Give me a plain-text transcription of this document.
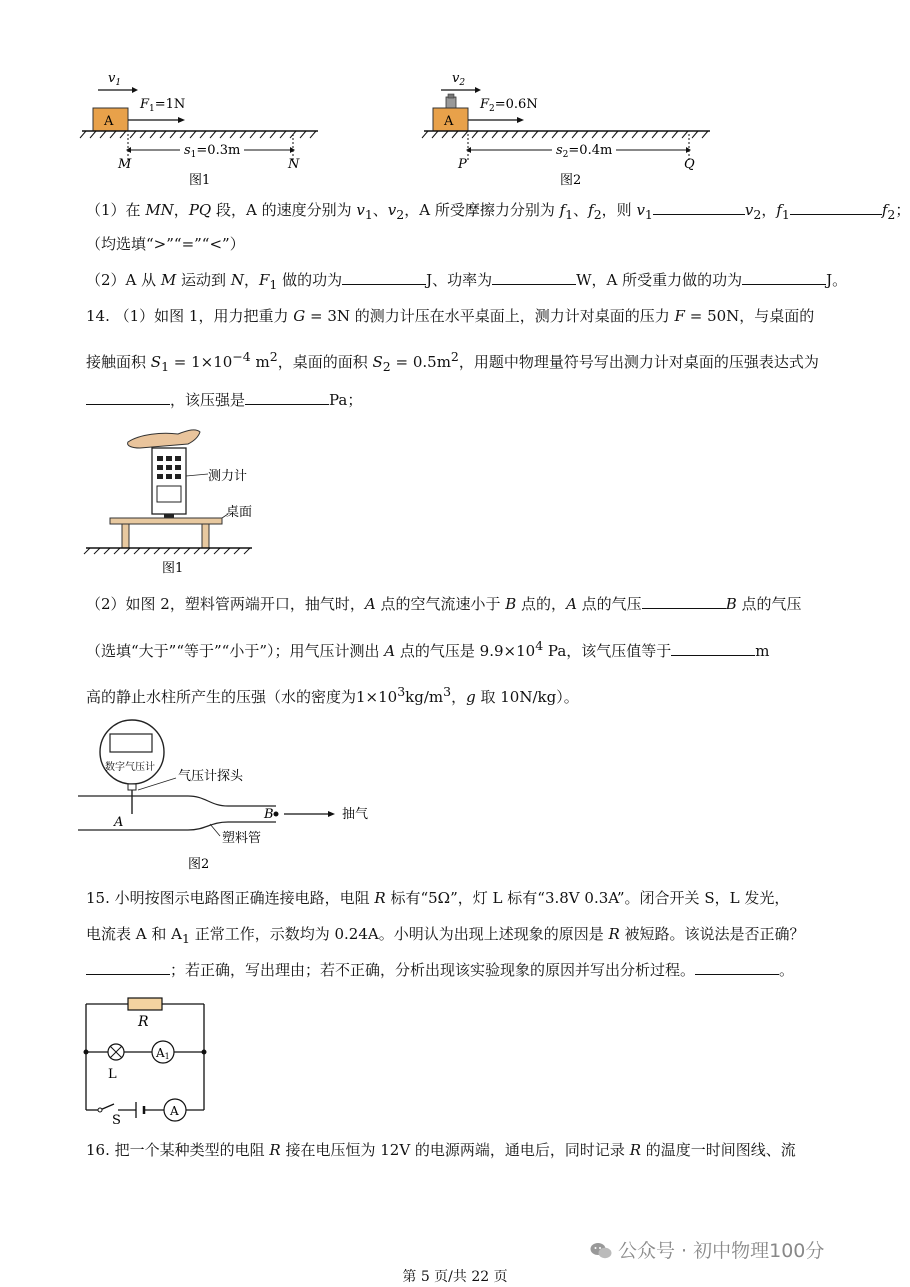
$v_1$
A
$F_1=1N$
$s_1=0.3m$
M	N
图1
$v_2$
A
$F_2=0.6N$
$s_2=0.4m$
P	Q
图2
（1）在 MN，PQ 段，A 的速度分别为 $v_1$、$v_2$，A 所受摩擦力分别为 $f_1$、$f_2$，则 $v_1$	$v_2$，$f_1$	$f_2$；
（均选填“>”“=”“<”）
（2）A 从 M 运动到 N，$F_1$ 做的功为	J、功率为	W，A 所受重力做的功为	J。
14. （1）如图 1，用力把重力 G = 3N 的测力计压在水平桌面上，测力计对桌面的压力 F = 50N，与桌面的
接触面积 $S_1 = 1\times 10^{-4}$ $m^2$，桌面的面积 $S_2 = 0.5m^2$，用题中物理量符号写出测力计对桌面的压强表达式为
，该压强是	Pa；
测力计
桌面
图1
（2）如图 2，塑料管两端开口，抽气时，A 点的空气流速小于 B 点的，A 点的气压	B 点的气压
（选填“大于”“等于”“小于”）；用气压计测出 A 点的气压是 $9.9\times 10^4$ Pa，该气压值等于	m
高的静止水柱所产生的压强（水的密度为$1\times 10^3kg/m^3$，g 取 10N/kg）。
数字气压计
气压计探头
A
B	抽气
塑料管
图2
15. 小明按图示电路图正确连接电路，电阻 R 标有“5Ω”，灯 L 标有“3.8V 0.3A”。闭合开关 S，L 发光，
电流表 A 和 $A_1$ 正常工作，示数均为 0.24A。小明认为出现上述现象的原因是 R 被短路。该说法是否正确？
；若正确，写出理由；若不正确，分析出现该实验现象的原因并写出分析过程。	。
R
L
A1
S
A
16. 把一个某种类型的电阻 R 接在电压恒为 12V 的电源两端，通电后，同时记录 R 的温度一时间图线、流
公众号 · 初中物理100分
第 5 页/共 22 页
